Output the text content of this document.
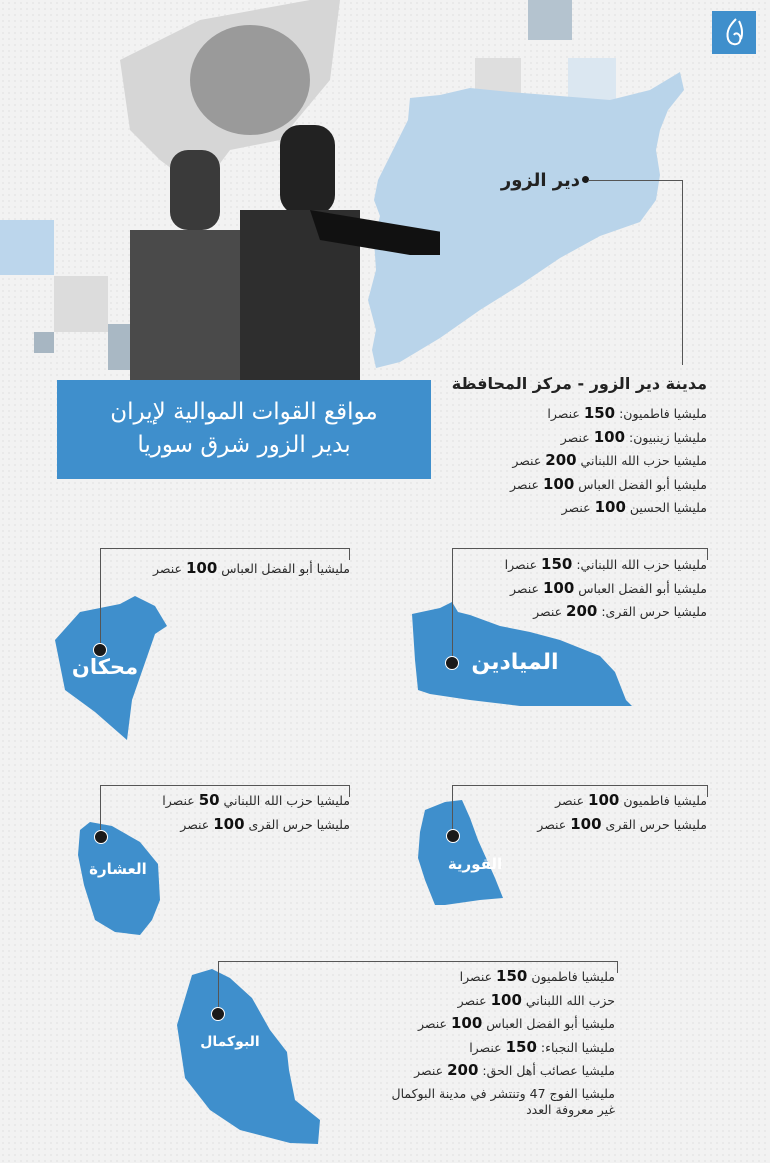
مواقع القوات الموالية لإيران
بدير الزور شرق سوريا
دير الزور
مدينة دير الزور - مركز المحافظة
مليشيا فاطميون: 150 عنصرا
مليشيا زينبيون: 100 عنصر
مليشيا حزب الله اللبناني 200 عنصر
مليشيا أبو الفضل العباس 100 عنصر
مليشيا الحسين 100 عنصر
الميادين
مليشيا حزب الله اللبناني: 150 عنصرا
مليشيا أبو الفضل العباس 100 عنصر
مليشيا حرس القرى: 200 عنصر
محكان
مليشيا أبو الفضل العباس 100 عنصر
العشارة
مليشيا حزب الله اللبناني 50 عنصرا
مليشيا حرس القرى 100 عنصر
القورية
مليشيا فاطميون 100 عنصر
مليشيا حرس القرى 100 عنصر
البوكمال
مليشيا فاطميون 150 عنصرا
حزب الله اللبناني 100 عنصر
مليشيا أبو الفضل العباس 100 عنصر
مليشيا النجباء: 150 عنصرا
مليشيا عصائب أهل الحق: 200 عنصر
مليشيا الفوج 47 وتنتشر في مدينة البوكمال
غير معروفة العدد
